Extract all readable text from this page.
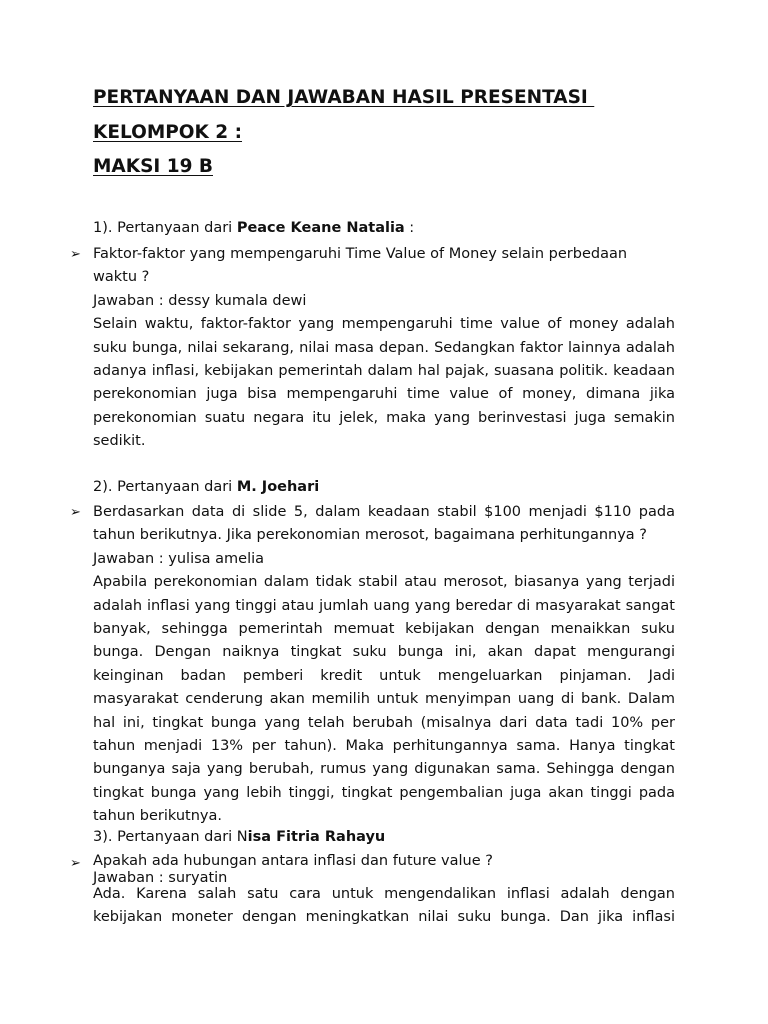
PERTANYAAN DAN JAWABAN HASIL PRESENTASI
KELOMPOK 2 :
MAKSI 19 B
1). Pertanyaan dari Peace Keane Natalia :
➢ Faktor-faktor yang mempengaruhi Time Value of Money selain perbedaan

waktu ?

Jawaban : dessy kumala dewi

Selain waktu, faktor-faktor yang mempengaruhi time value of money adalah suku bunga, nilai sekarang, nilai masa depan. Sedangkan faktor lainnya adalah adanya inflasi, kebijakan pemerintah dalam hal pajak, suasana politik. keadaan perekonomian juga bisa mempengaruhi time value of money, dimana jika perekonomian suatu negara itu jelek, maka yang berinvestasi juga semakin sedikit.

2). Pertanyaan dari M. Joehari
➢ Berdasarkan data di slide 5, dalam keadaan stabil $100 menjadi $110 pada tahun berikutnya. Jika perekonomian merosot, bagaimana perhitungannya ?

Jawaban : yulisa amelia

Apabila perekonomian dalam tidak stabil atau merosot, biasanya yang terjadi adalah inflasi yang tinggi atau jumlah uang yang beredar di masyarakat sangat banyak, sehingga pemerintah memuat kebijakan dengan menaikkan suku bunga. Dengan naiknya tingkat suku bunga ini, akan dapat mengurangi keinginan badan pemberi kredit untuk mengeluarkan pinjaman. Jadi masyarakat cenderung akan memilih untuk menyimpan uang di bank. Dalam hal ini, tingkat bunga yang telah berubah (misalnya dari data tadi 10% per tahun menjadi 13% per tahun). Maka perhitungannya sama. Hanya tingkat bunganya saja yang berubah, rumus yang digunakan sama. Sehingga dengan tingkat bunga yang lebih tinggi, tingkat pengembalian juga akan tinggi pada tahun berikutnya.

3). Pertanyaan dari Nisa Fitria Rahayu
➢ Apakah ada hubungan antara inflasi dan future value ?

Jawaban : suryatin

Ada. Karena salah satu cara untuk mengendalikan inflasi adalah dengan

kebijakan moneter dengan meningkatkan nilai suku bunga. Dan jika inflasi
